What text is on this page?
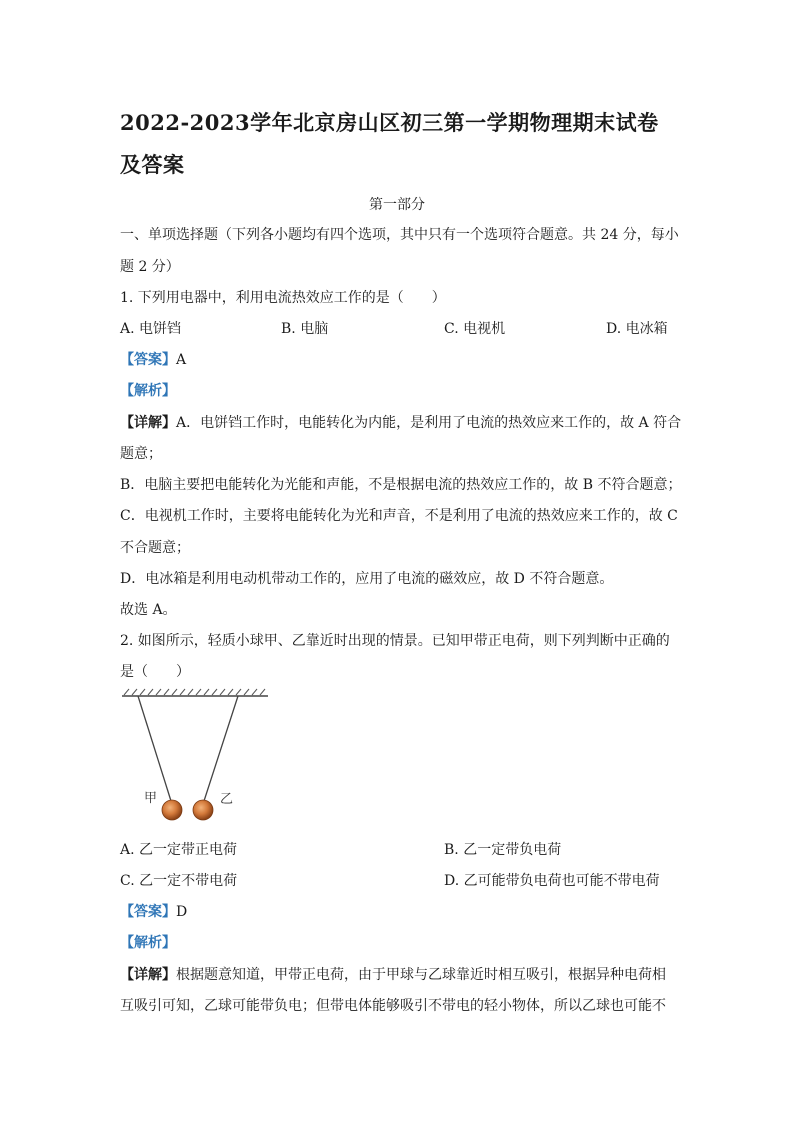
2022-2023学年北京房山区初三第一学期物理期末试卷及答案
第一部分
一、单项选择题（下列各小题均有四个选项，其中只有一个选项符合题意。共 24 分，每小
题 2 分）
1. 下列用电器中，利用电流热效应工作的是（　　）
A. 电饼铛	B. 电脑	C. 电视机	D. 电冰箱
【答案】A
【解析】
【详解】A．电饼铛工作时，电能转化为内能，是利用了电流的热效应来工作的，故 A 符合
题意；
B．电脑主要把电能转化为光能和声能，不是根据电流的热效应工作的，故 B 不符合题意；
C．电视机工作时，主要将电能转化为光和声音，不是利用了电流的热效应来工作的，故 C
不合题意；
D．电冰箱是利用电动机带动工作的，应用了电流的磁效应，故 D 不符合题意。
故选 A。
2. 如图所示，轻质小球甲、乙靠近时出现的情景。已知甲带正电荷，则下列判断中正确的
是（　　）
甲	乙
A. 乙一定带正电荷	B. 乙一定带负电荷
C. 乙一定不带电荷	D. 乙可能带负电荷也可能不带电荷
【答案】D
【解析】
【详解】根据题意知道，甲带正电荷，由于甲球与乙球靠近时相互吸引，根据异种电荷相
互吸引可知，乙球可能带负电；但带电体能够吸引不带电的轻小物体，所以乙球也可能不
